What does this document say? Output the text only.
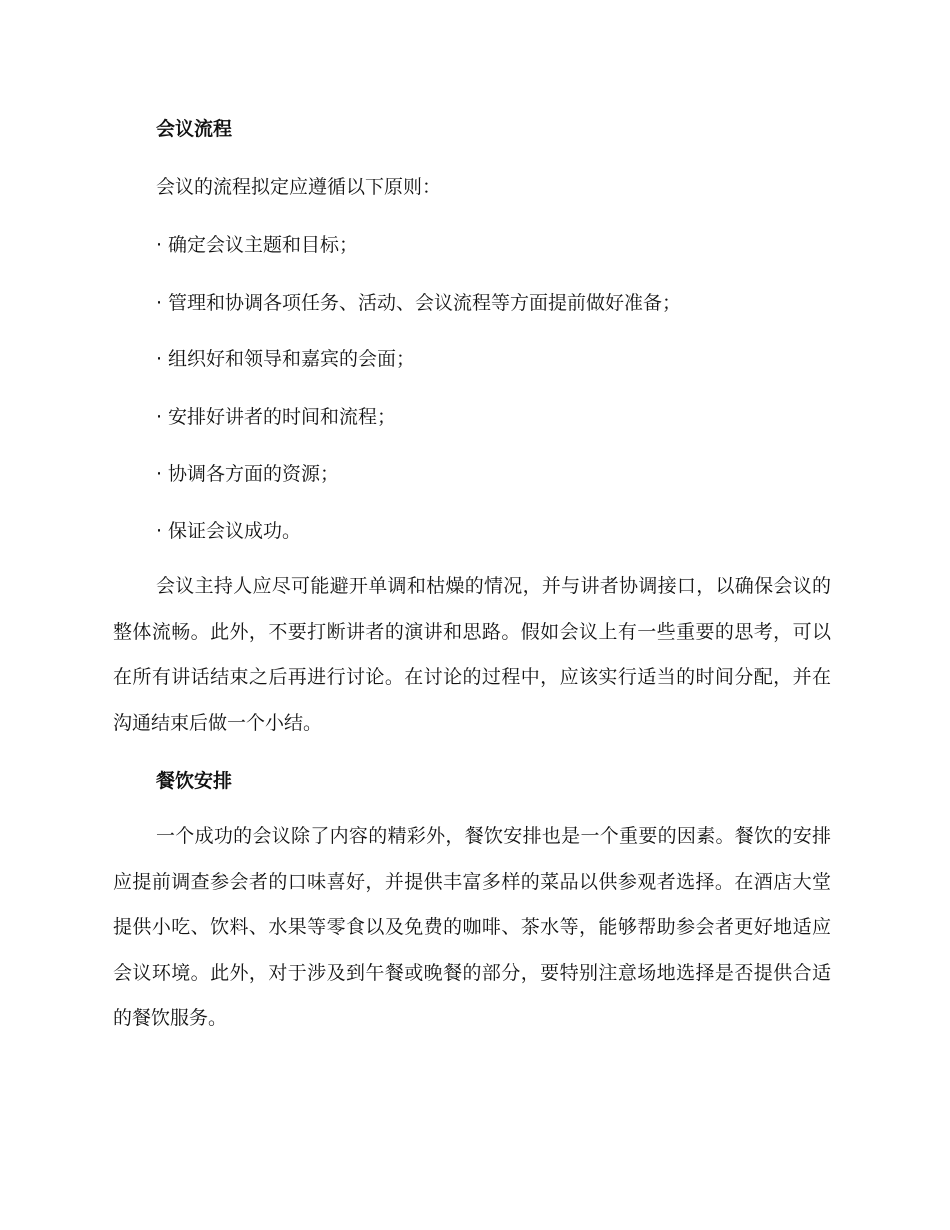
会议流程
会议的流程拟定应遵循以下原则：
· 确定会议主题和目标；
· 管理和协调各项任务、活动、会议流程等方面提前做好准备；
· 组织好和领导和嘉宾的会面；
· 安排好讲者的时间和流程；
· 协调各方面的资源；
· 保证会议成功。
会议主持人应尽可能避开单调和枯燥的情况，并与讲者协调接口，以确保会议的整体流畅。此外，不要打断讲者的演讲和思路。假如会议上有一些重要的思考，可以在所有讲话结束之后再进行讨论。在讨论的过程中，应该实行适当的时间分配，并在沟通结束后做一个小结。
餐饮安排
一个成功的会议除了内容的精彩外，餐饮安排也是一个重要的因素。餐饮的安排应提前调查参会者的口味喜好，并提供丰富多样的菜品以供参观者选择。在酒店大堂提供小吃、饮料、水果等零食以及免费的咖啡、茶水等，能够帮助参会者更好地适应会议环境。此外，对于涉及到午餐或晚餐的部分，要特别注意场地选择是否提供合适的餐饮服务。
